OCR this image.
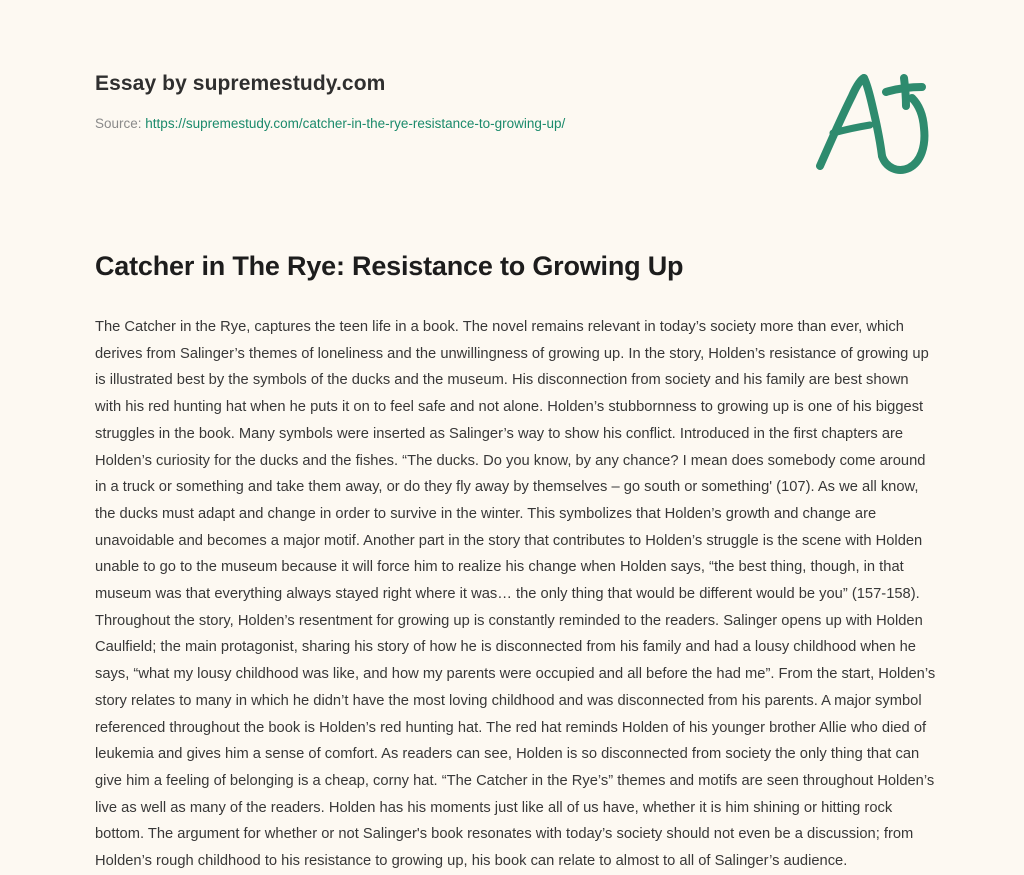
Essay by supremestudy.com
Source: https://supremestudy.com/catcher-in-the-rye-resistance-to-growing-up/
Catcher in The Rye: Resistance to Growing Up

The Catcher in the Rye, captures the teen life in a book. The novel remains relevant in today’s society more than ever, which derives from Salinger’s themes of loneliness and the unwillingness of growing up. In the story, Holden’s resistance of growing up is illustrated best by the symbols of the ducks and the museum. His disconnection from society and his family are best shown with his red hunting hat when he puts it on to feel safe and not alone. Holden’s stubbornness to growing up is one of his biggest struggles in the book. Many symbols were inserted as Salinger’s way to show his conflict. Introduced in the first chapters are Holden’s curiosity for the ducks and the fishes. “The ducks. Do you know, by any chance? I mean does somebody come around in a truck or something and take them away, or do they fly away by themselves – go south or something' (107). As we all know, the ducks must adapt and change in order to survive in the winter. This symbolizes that Holden’s growth and change are unavoidable and becomes a major motif. Another part in the story that contributes to Holden’s struggle is the scene with Holden unable to go to the museum because it will force him to realize his change when Holden says, “the best thing, though, in that museum was that everything always stayed right where it was… the only thing that would be different would be you” (157-158). Throughout the story, Holden’s resentment for growing up is constantly reminded to the readers. Salinger opens up with Holden Caulfield; the main protagonist, sharing his story of how he is disconnected from his family and had a lousy childhood when he says, “what my lousy childhood was like, and how my parents were occupied and all before the had me”. From the start, Holden’s story relates to many in which he didn’t have the most loving childhood and was disconnected from his parents. A major symbol referenced throughout the book is Holden’s red hunting hat. The red hat reminds Holden of his younger brother Allie who died of leukemia and gives him a sense of comfort. As readers can see, Holden is so disconnected from society the only thing that can give him a feeling of belonging is a cheap, corny hat. “The Catcher in the Rye’s” themes and motifs are seen throughout Holden’s live as well as many of the readers. Holden has his moments just like all of us have, whether it is him shining or hitting rock bottom. The argument for whether or not Salinger's book resonates with today’s society should not even be a discussion; from Holden’s rough childhood to his resistance to growing up, his book can relate to almost to all of Salinger’s audience.
